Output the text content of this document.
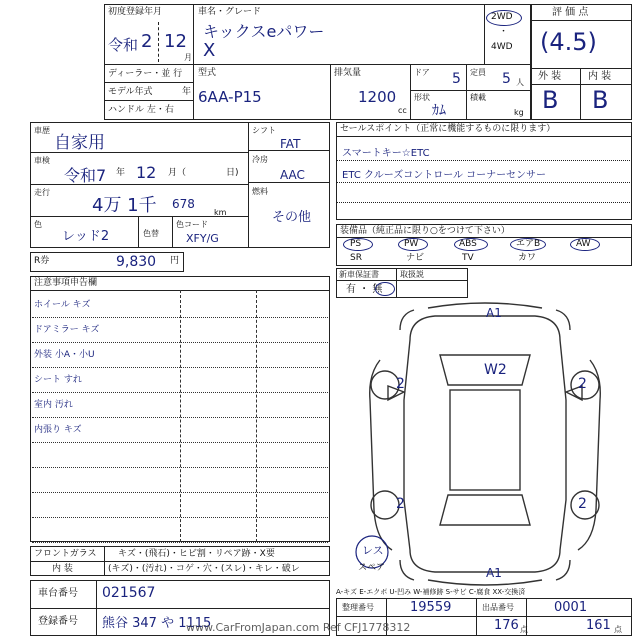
初度登録年月
令和 2 12
月
車名・グレード
キックスeパワー
X
2WD
・
4WD
ディーラー・並 行
モデル年式	年
ハンドル 左・右
型式
6AA-P15
排気量
1200
cc
ドア 5 定員 5 人
形状
ｶﾑ
積載
kg
評 価 点
(4.5)
外 装	内 装
B B
車歴
自家用
車検
令和7 年 12 月（	日)
走行
4万 1千 678
km
色
レッド2	色替
色コード
XFY/G
シフト
FAT
冷房
AAC
燃料
その他
R券	9,830 円
セールスポイント（正常に機能するものに限ります）
スマートキー☆ETC
ETC クルーズコントロール コーナーセンサー
装備品（純正品に限り○をつけて下さい）
PS	PW	ABS	エアB	AW
SR	ナビ	TV	カワ
新車保証書	取扱説
有 ・ 無
注意事項申告欄
ホイール キズ
ドアミラー キズ
外装 小A・小U
シート すれ
室内 汚れ
内張り キズ
フロントガラス キズ・(飛石)・ヒビ割・リペア跡・X要
内 装	(キズ)・(汚れ)・コゲ・穴・(スレ)・キレ・破レ
車台番号 021567
登録番号 熊谷 347 や 1115
整理番号	19559	出品番号	0001
176 点	161 点
A1
W2
2	2
2	2
A1
レス
スペア
A-キズ E-エクボ U-凹み W-補修跡 S-サビ C-腐食 XX-交換済
www.CarFromJapan.com Ref CFJ1778312
